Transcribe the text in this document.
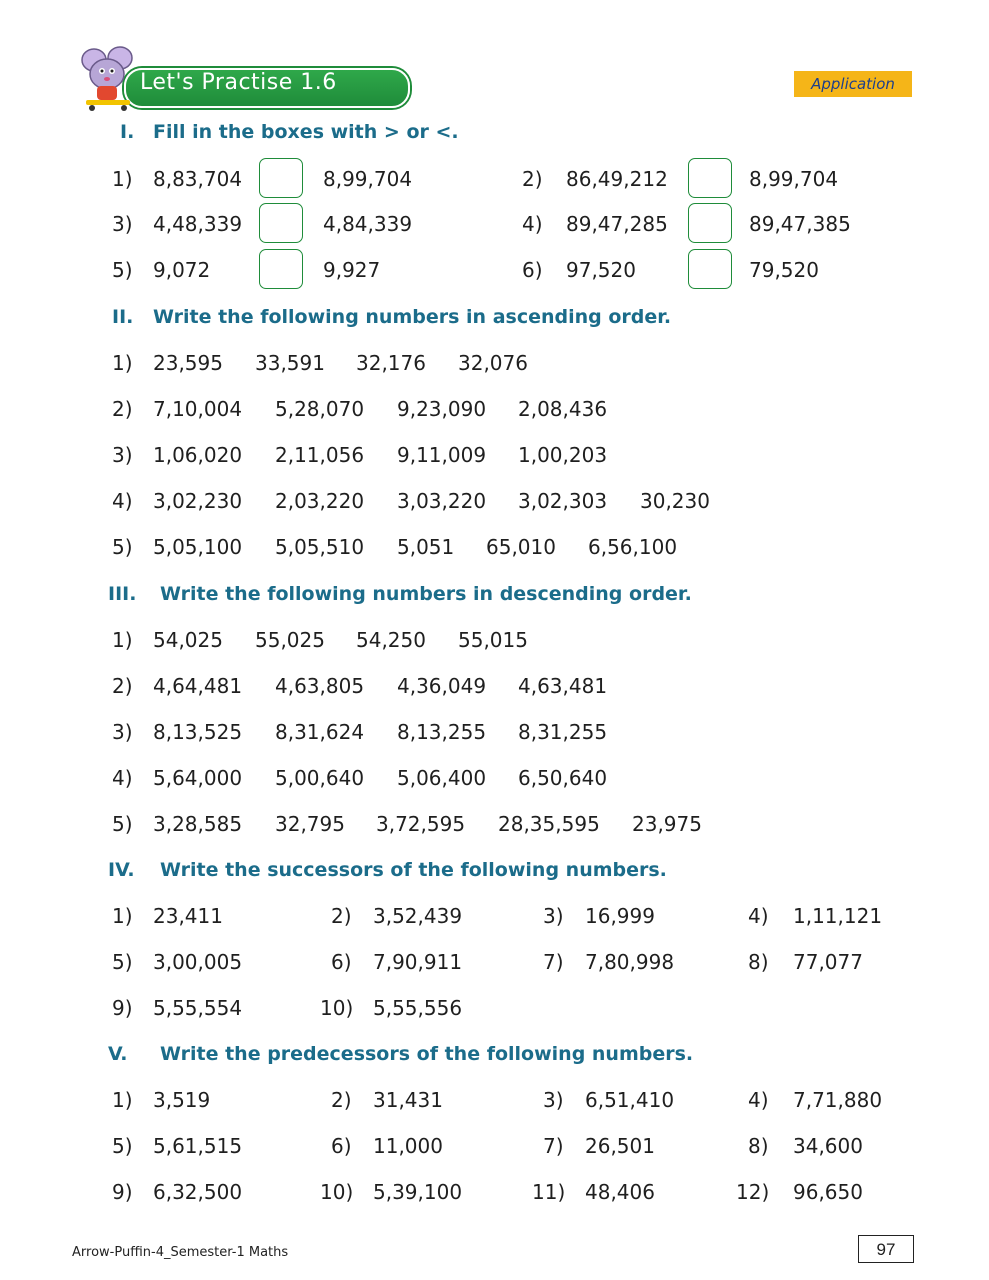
Let's Practise 1.6	Application
I. Fill in the boxes with > or <.
1) 8,83,704	8,99,704	2) 86,49,212	8,99,704
3) 4,48,339	4,84,339	4) 89,47,285	89,47,385
5) 9,072	9,927	6) 97,520	79,520
II. Write the following numbers in ascending order.
1) 23,595 33,591 32,176 32,076
2) 7,10,004 5,28,070 9,23,090 2,08,436
3) 1,06,020 2,11,056 9,11,009 1,00,203
4) 3,02,230 2,03,220 3,03,220 3,02,303 30,230
5) 5,05,100 5,05,510 5,051 65,010 6,56,100
III. Write the following numbers in descending order.
1) 54,025 55,025 54,250 55,015
2) 4,64,481 4,63,805 4,36,049 4,63,481
3) 8,13,525 8,31,624 8,13,255 8,31,255
4) 5,64,000 5,00,640 5,06,400 6,50,640
5) 3,28,585 32,795 3,72,595 28,35,595 23,975
IV. Write the successors of the following numbers.
1) 23,411	2) 3,52,439	3) 16,999	4) 1,11,121
5) 3,00,005	6) 7,90,911	7) 7,80,998	8) 77,077
9) 5,55,554	10) 5,55,556
V. Write the predecessors of the following numbers.
1) 3,519	2) 31,431	3) 6,51,410	4) 7,71,880
5) 5,61,515	6) 11,000	7) 26,501	8) 34,600
9) 6,32,500	10) 5,39,100	11) 48,406	12) 96,650
Arrow-Puffin-4_Semester-1 Maths	97
